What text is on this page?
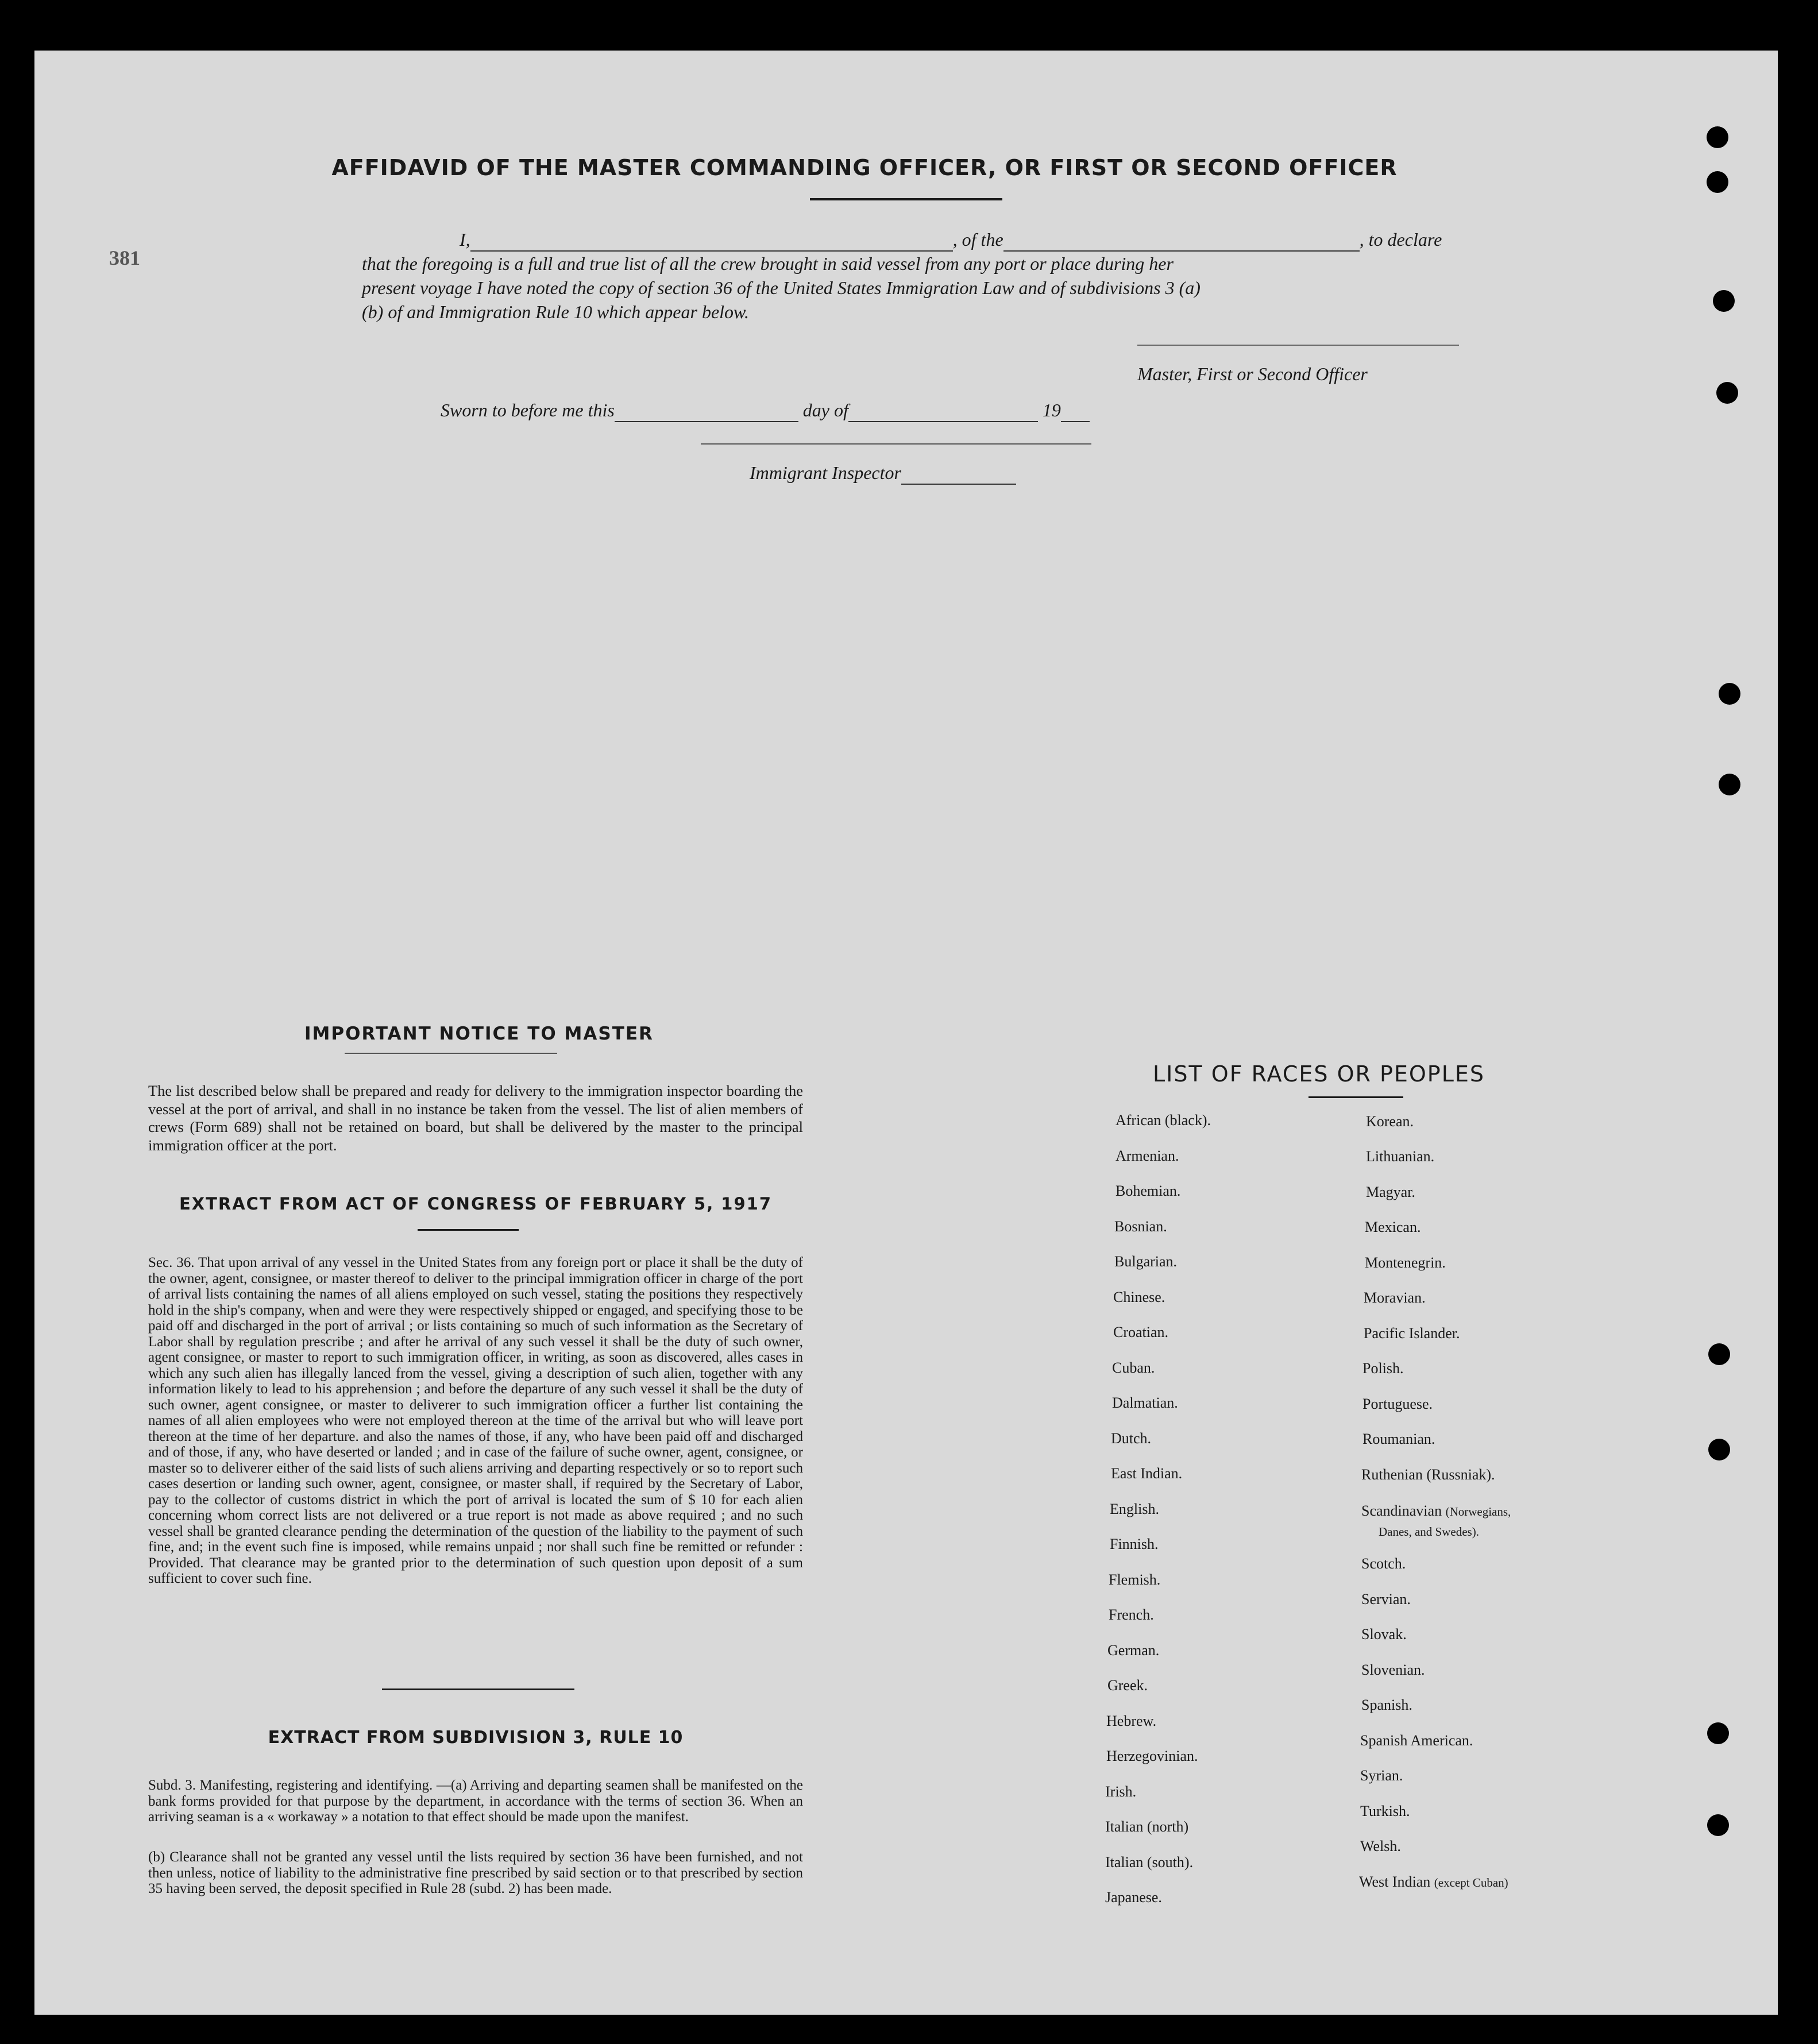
381
AFFIDAVID OF THE MASTER COMMANDING OFFICER, OR FIRST OR SECOND OFFICER
I,	, of the	, to declare
that the foregoing is a full and true list of all the crew brought in said vessel from any port or place during her
present voyage I have noted the copy of section 36 of the United States Immigration Law and of subdivisions 3 (a)
(b) of and Immigration Rule 10 which appear below.
Master, First or Second Officer
Sworn to before me this	day of	19
Immigrant Inspector
IMPORTANT NOTICE TO MASTER

The list described below shall be prepared and ready for delivery to the immigration inspector boarding the vessel at the port of arrival, and shall in no instance be taken from the vessel. The list of alien members of crews (Form 689) shall not be retained on board, but shall be delivered by the master to the principal immigration officer at the port.

EXTRACT FROM ACT OF CONGRESS OF FEBRUARY 5, 1917

Sec. 36. That upon arrival of any vessel in the United States from any foreign port or place it shall be the duty of the owner, agent, consignee, or master thereof to deliver to the principal immigration officer in charge of the port of arrival lists containing the names of all aliens employed on such vessel, stating the positions they respectively hold in the ship's company, when and were they were respectively shipped or engaged, and specifying those to be paid off and discharged in the port of arrival ; or lists containing so much of such information as the Secretary of Labor shall by regulation prescribe ; and after he arrival of any such vessel it shall be the duty of such owner, agent consignee, or master to report to such immigration officer, in writing, as soon as discovered, alles cases in which any such alien has illegally lanced from the vessel, giving a description of such alien, together with any information likely to lead to his apprehension ; and before the departure of any such vessel it shall be the duty of such owner, agent consignee, or master to deliverer to such immigration officer a further list containing the names of all alien employees who were not employed thereon at the time of the arrival but who will leave port thereon at the time of her departure. and also the names of those, if any, who have been paid off and discharged and of those, if any, who have deserted or landed ; and in case of the failure of suche owner, agent, consignee, or master so to deliverer either of the said lists of such aliens arriving and departing respectively or so to report such cases desertion or landing such owner, agent, consignee, or master shall, if required by the Secretary of Labor, pay to the collector of customs district in which the port of arrival is located the sum of $ 10 for each alien concerning whom correct lists are not delivered or a true report is not made as above required ; and no such vessel shall be granted clearance pending the determination of the question of the liability to the payment of such fine, and; in the event such fine is imposed, while remains unpaid ; nor shall such fine be remitted or refunder : Provided. That clearance may be granted prior to the determination of such question upon deposit of a sum sufficient to cover such fine.

EXTRACT FROM SUBDIVISION 3, RULE 10

Subd. 3. Manifesting, registering and identifying. —(a) Arriving and departing seamen shall be manifested on the bank forms provided for that purpose by the department, in accordance with the terms of section 36. When an arriving seaman is a « workaway » a notation to that effect should be made upon the manifest.

(b) Clearance shall not be granted any vessel until the lists required by section 36 have been furnished, and not then unless, notice of liability to the administrative fine prescribed by said section or to that prescribed by section 35 having been served, the deposit specified in Rule 28 (subd. 2) has been made.

LIST OF RACES OR PEOPLES
African (black).
Armenian.
Bohemian.
Bosnian.
Bulgarian.
Chinese.
Croatian.
Cuban.
Dalmatian.
Dutch.
East Indian.
English.
Finnish.
Flemish.
French.
German.
Greek.
Hebrew.
Herzegovinian.
Irish.
Italian (north)
Italian (south).
Japanese.
Korean.
Lithuanian.
Magyar.
Mexican.
Montenegrin.
Moravian.
Pacific Islander.
Polish.
Portuguese.
Roumanian.
Ruthenian (Russniak).
Scandinavian (Norwegians,
Danes, and Swedes).
Scotch.
Servian.
Slovak.
Slovenian.
Spanish.
Spanish American.
Syrian.
Turkish.
Welsh.
West Indian (except Cuban)
